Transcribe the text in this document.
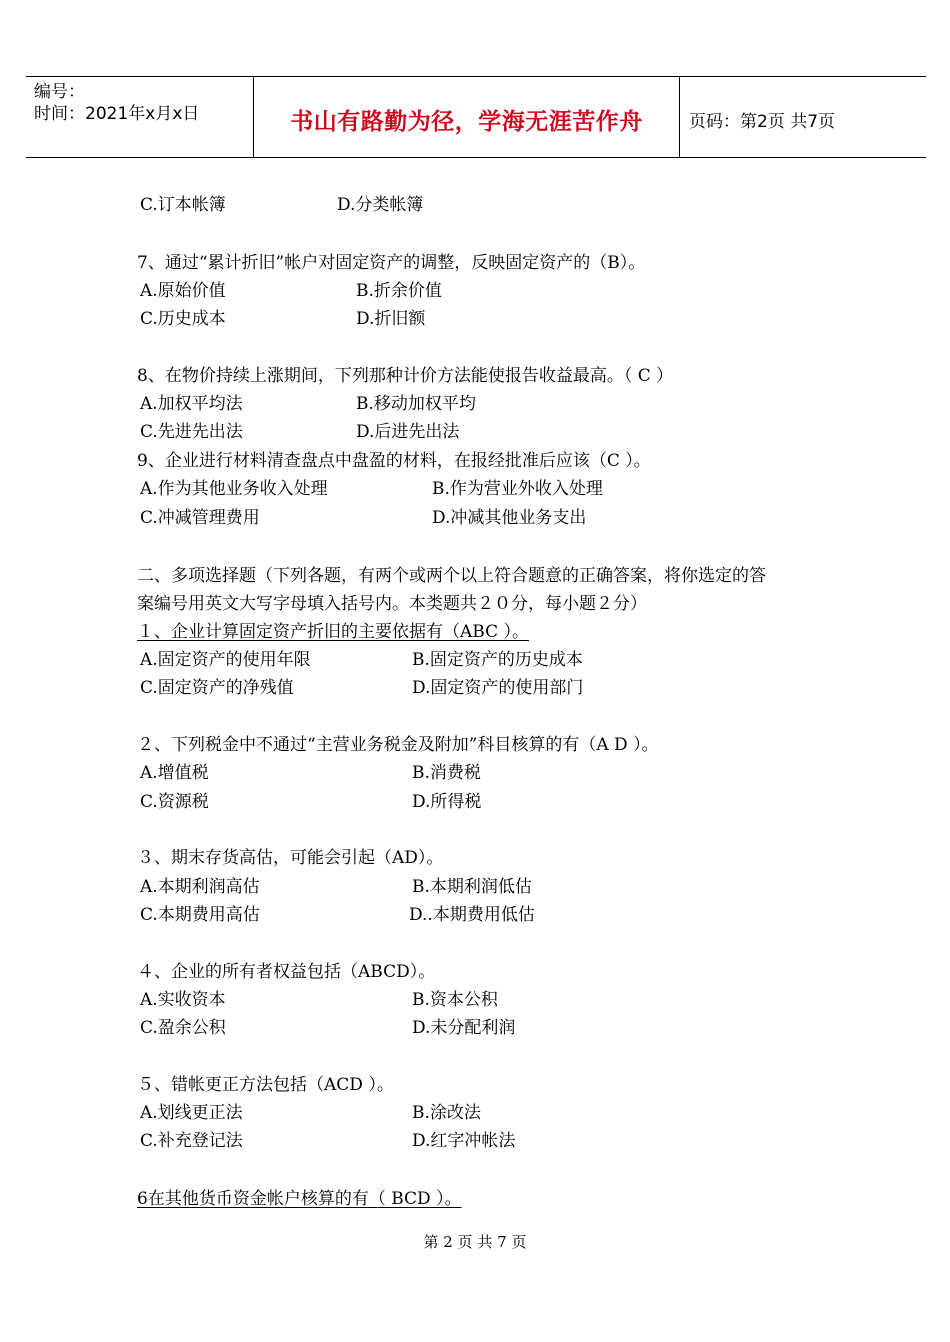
编号：
时间：2021年x月x日	书山有路勤为径，学海无涯苦作舟	页码：第2页 共7页
C.订本帐簿	D.分类帐簿
7、通过“累计折旧”帐户对固定资产的调整，反映固定资产的（B）。
A.原始价值	B.折余价值
C.历史成本	D.折旧额
8、在物价持续上涨期间，下列那种计价方法能使报告收益最高。（ C ）
A.加权平均法	B.移动加权平均
C.先进先出法	D.后进先出法
9、企业进行材料清查盘点中盘盈的材料，在报经批准后应该（C ）。
A.作为其他业务收入处理	B.作为营业外收入处理
C.冲减管理费用	D.冲减其他业务支出
二、多项选择题（下列各题，有两个或两个以上符合题意的正确答案，将你选定的答
案编号用英文大写字母填入括号内。本类题共２０分，每小题２分）
１、企业计算固定资产折旧的主要依据有（ABC ）。
A.固定资产的使用年限	B.固定资产的历史成本
C.固定资产的净残值	D.固定资产的使用部门
２、下列税金中不通过“主营业务税金及附加”科目核算的有（A D ）。
A.增值税	B.消费税
C.资源税	D.所得税
３、期末存货高估，可能会引起（AD）。
A.本期利润高估	B.本期利润低估
C.本期费用高估	D..本期费用低估
４、企业的所有者权益包括（ABCD）。
A.实收资本	B.资本公积
C.盈余公积	D.未分配利润
５、错帐更正方法包括（ACD ）。
A.划线更正法	B.涂改法
C.补充登记法	D.红字冲帐法
6在其他货币资金帐户核算的有（ BCD ）。
第 2 页 共 7 页
